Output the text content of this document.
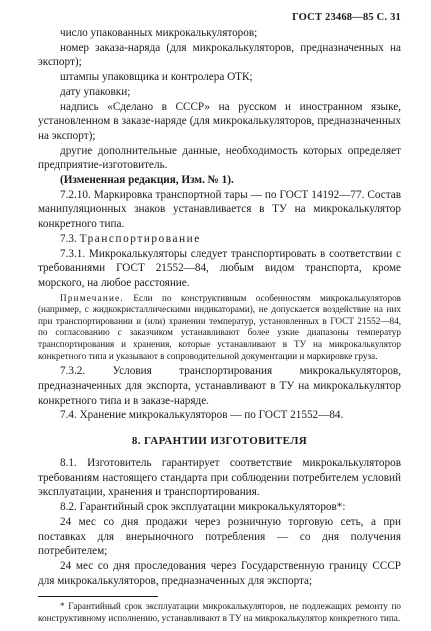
ГОСТ 23468—85 С. 31

число упакованных микрокалькуляторов;

номер заказа-наряда (для микрокалькуляторов, предназначенных на экспорт);

штампы упаковщика и контролера ОТК;

дату упаковки;

надпись «Сделано в СССР» на русском и иностранном языке, установленном в заказе-наряде (для микрокалькуляторов, предназначенных на экспорт);

другие дополнительные данные, необходимость которых определяет предприятие-изготовитель.

(Измененная редакция, Изм. № 1).

7.2.10. Маркировка транспортной тары — по ГОСТ 14192—77. Состав манипуляционных знаков устанавливается в ТУ на микрокалькулятор конкретного типа.

7.3. Транспортирование

7.3.1. Микрокалькуляторы следует транспортировать в соответствии с требованиями ГОСТ 21552—84, любым видом транспорта, кроме морского, на любое расстояние.

Примечание. Если по конструктивным особенностям микрокалькуляторов (например, с жидкокристаллическими индикаторами), не допускается воздействие на них при транспортировании и (или) хранении температур, установленных в ГОСТ 21552—84, по согласованию с заказчиком устанавливают более узкие диапазоны температур транспортирования и хранения, которые устанавливают в ТУ на микрокалькулятор конкретного типа и указывают в сопроводительной документации и маркировке груза.

7.3.2. Условия транспортирования микрокалькуляторов, предназначенных для экспорта, устанавливают в ТУ на микрокалькулятор конкретного типа и в заказе-наряде.

7.4. Хранение микрокалькуляторов — по ГОСТ 21552—84.

8. ГАРАНТИИ ИЗГОТОВИТЕЛЯ

8.1. Изготовитель гарантирует соответствие микрокалькуляторов требованиям настоящего стандарта при соблюдении потребителем условий эксплуатации, хранения и транспортирования.

8.2. Гарантийный срок эксплуатации микрокалькуляторов*:

24 мес со дня продажи через розничную торговую сеть, а при поставках для внерыночного потребления — со дня получения потребителем;

24 мес со дня проследования через Государственную границу СССР для микрокалькуляторов, предназначенных для экспорта;

* Гарантийный срок эксплуатации микрокалькуляторов, не подлежащих ремонту по конструктивному исполнению, устанавливают в ТУ на микрокалькулятор конкретного типа.
